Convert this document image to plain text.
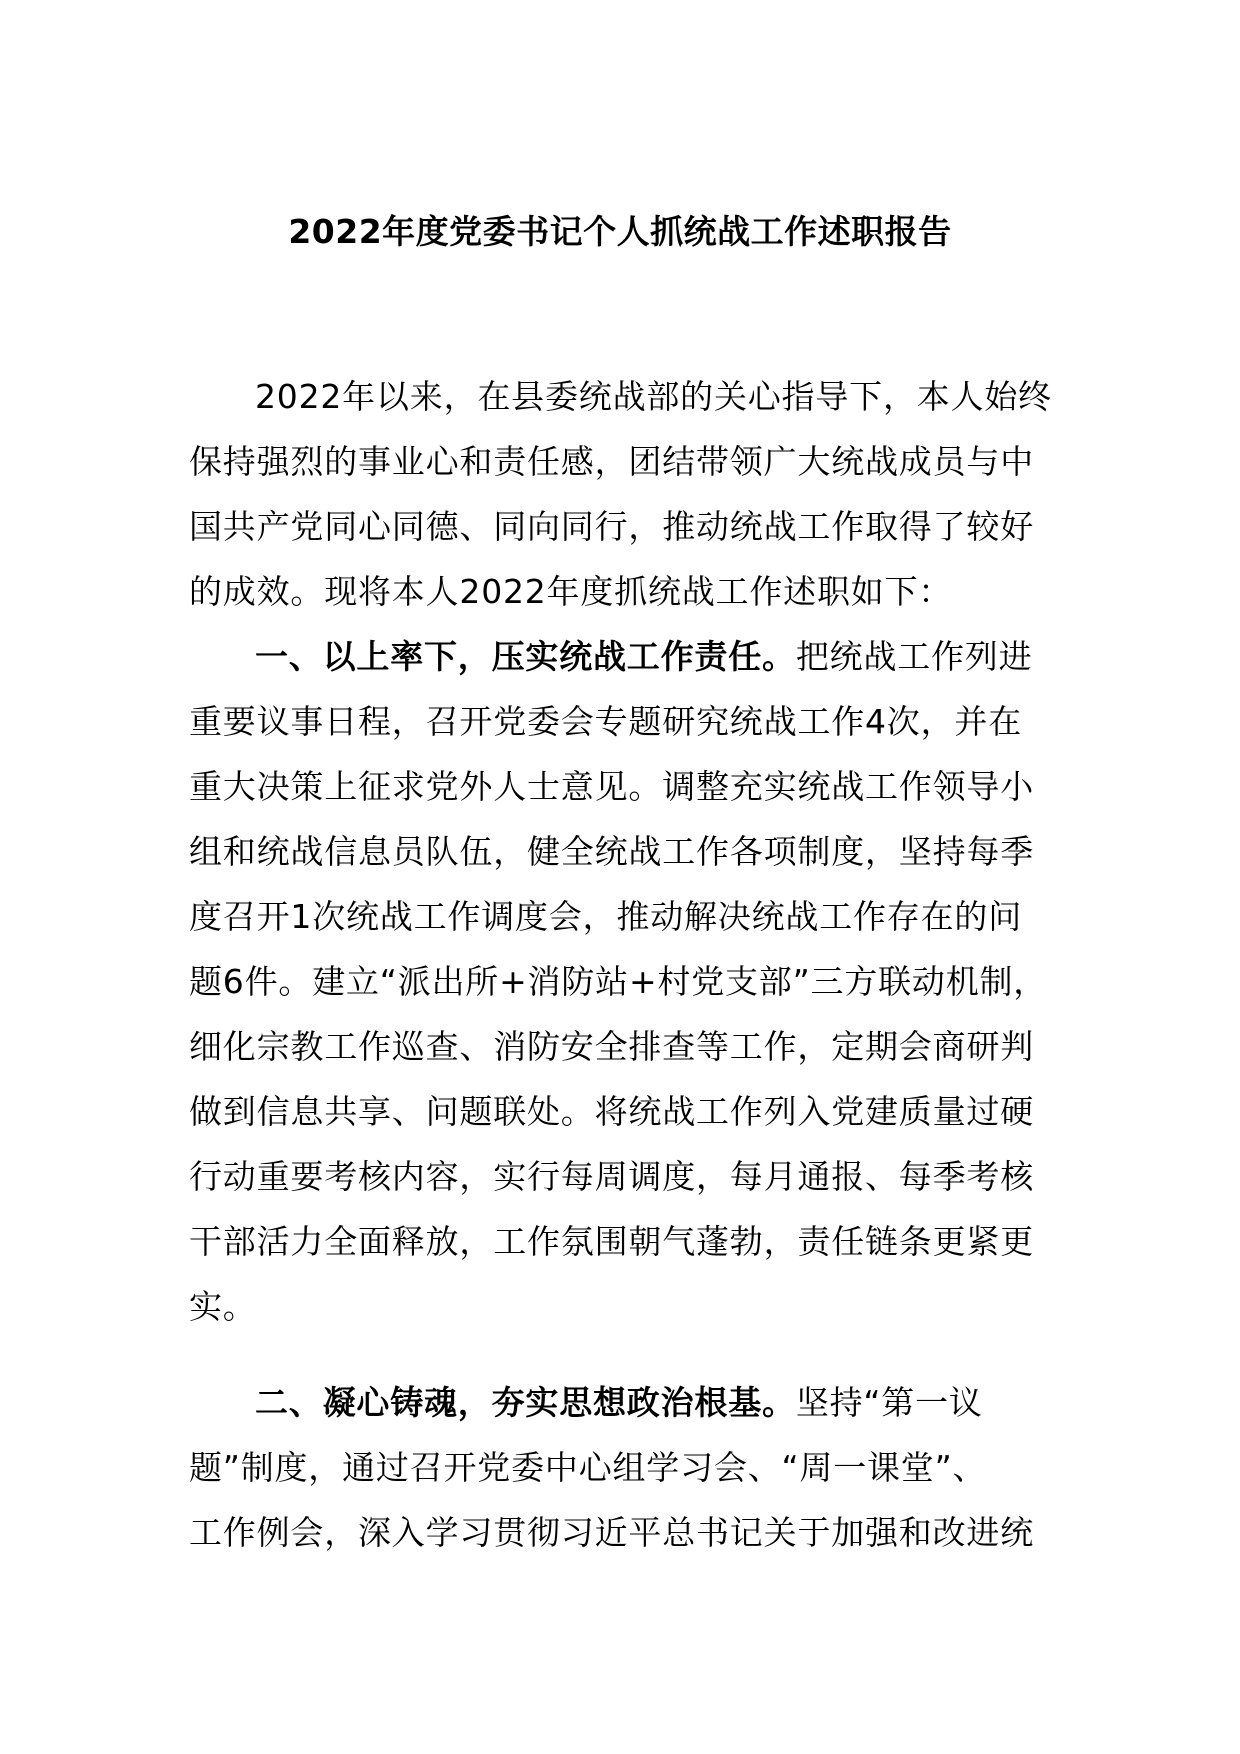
2022年度党委书记个人抓统战工作述职报告
2022年以来，在县委统战部的关心指导下，本人始终
保持强烈的事业心和责任感，团结带领广大统战成员与中
国共产党同心同德、同向同行，推动统战工作取得了较好
的成效。现将本人2022年度抓统战工作述职如下：
一、以上率下，压实统战工作责任。把统战工作列进
重要议事日程，召开党委会专题研究统战工作4次，并在
重大决策上征求党外人士意见。调整充实统战工作领导小
组和统战信息员队伍，健全统战工作各项制度，坚持每季
度召开1次统战工作调度会，推动解决统战工作存在的问
题6件。建立“派出所+消防站+村党支部”三方联动机制，
细化宗教工作巡查、消防安全排查等工作，定期会商研判
做到信息共享、问题联处。将统战工作列入党建质量过硬
行动重要考核内容，实行每周调度，每月通报、每季考核
干部活力全面释放，工作氛围朝气蓬勃，责任链条更紧更
实。
二、凝心铸魂，夯实思想政治根基。坚持“第一议
题”制度，通过召开党委中心组学习会、“周一课堂”、
工作例会，深入学习贯彻习近平总书记关于加强和改进统
